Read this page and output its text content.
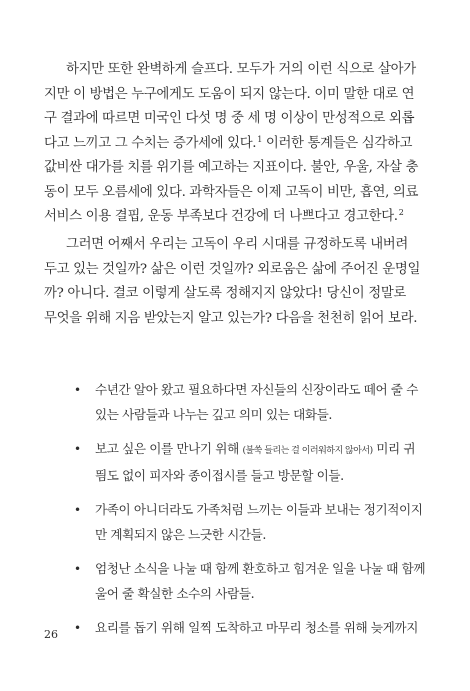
하지만 또한 완벽하게 슬프다. 모두가 거의 이런 식으로 살아가
지만 이 방법은 누구에게도 도움이 되지 않는다. 이미 말한 대로 연
구 결과에 따르면 미국인 다섯 명 중 세 명 이상이 만성적으로 외롭
다고 느끼고 그 수치는 증가세에 있다.$^1$ 이러한 통계들은 심각하고
값비싼 대가를 치를 위기를 예고하는 지표이다. 불안, 우울, 자살 충
동이 모두 오름세에 있다. 과학자들은 이제 고독이 비만, 흡연, 의료
서비스 이용 결핍, 운동 부족보다 건강에 더 나쁘다고 경고한다.$^2$
그러면 어째서 우리는 고독이 우리 시대를 규정하도록 내버려
두고 있는 것일까? 삶은 이런 것일까? 외로움은 삶에 주어진 운명일
까? 아니다. 결코 이렇게 살도록 정해지지 않았다! 당신이 정말로
무엇을 위해 지음 받았는지 알고 있는가? 다음을 천천히 읽어 보라.
• 수년간 알아 왔고 필요하다면 자신들의 신장이라도 떼어 줄 수
있는 사람들과 나누는 깊고 의미 있는 대화들.
• 보고 싶은 이를 만나기 위해 (불쑥 들리는 걸 이러워하지 않아서) 미리 귀
띔도 없이 피자와 종이접시를 들고 방문할 이들.
• 가족이 아니더라도 가족처럼 느끼는 이들과 보내는 정기적이지
만 계획되지 않은 느긋한 시간들.
• 엄청난 소식을 나눌 때 함께 환호하고 힘겨운 일을 나눌 때 함께
울어 줄 확실한 소수의 사람들.
• 요리를 돕기 위해 일찍 도착하고 마무리 청소를 위해 늦게까지
26
